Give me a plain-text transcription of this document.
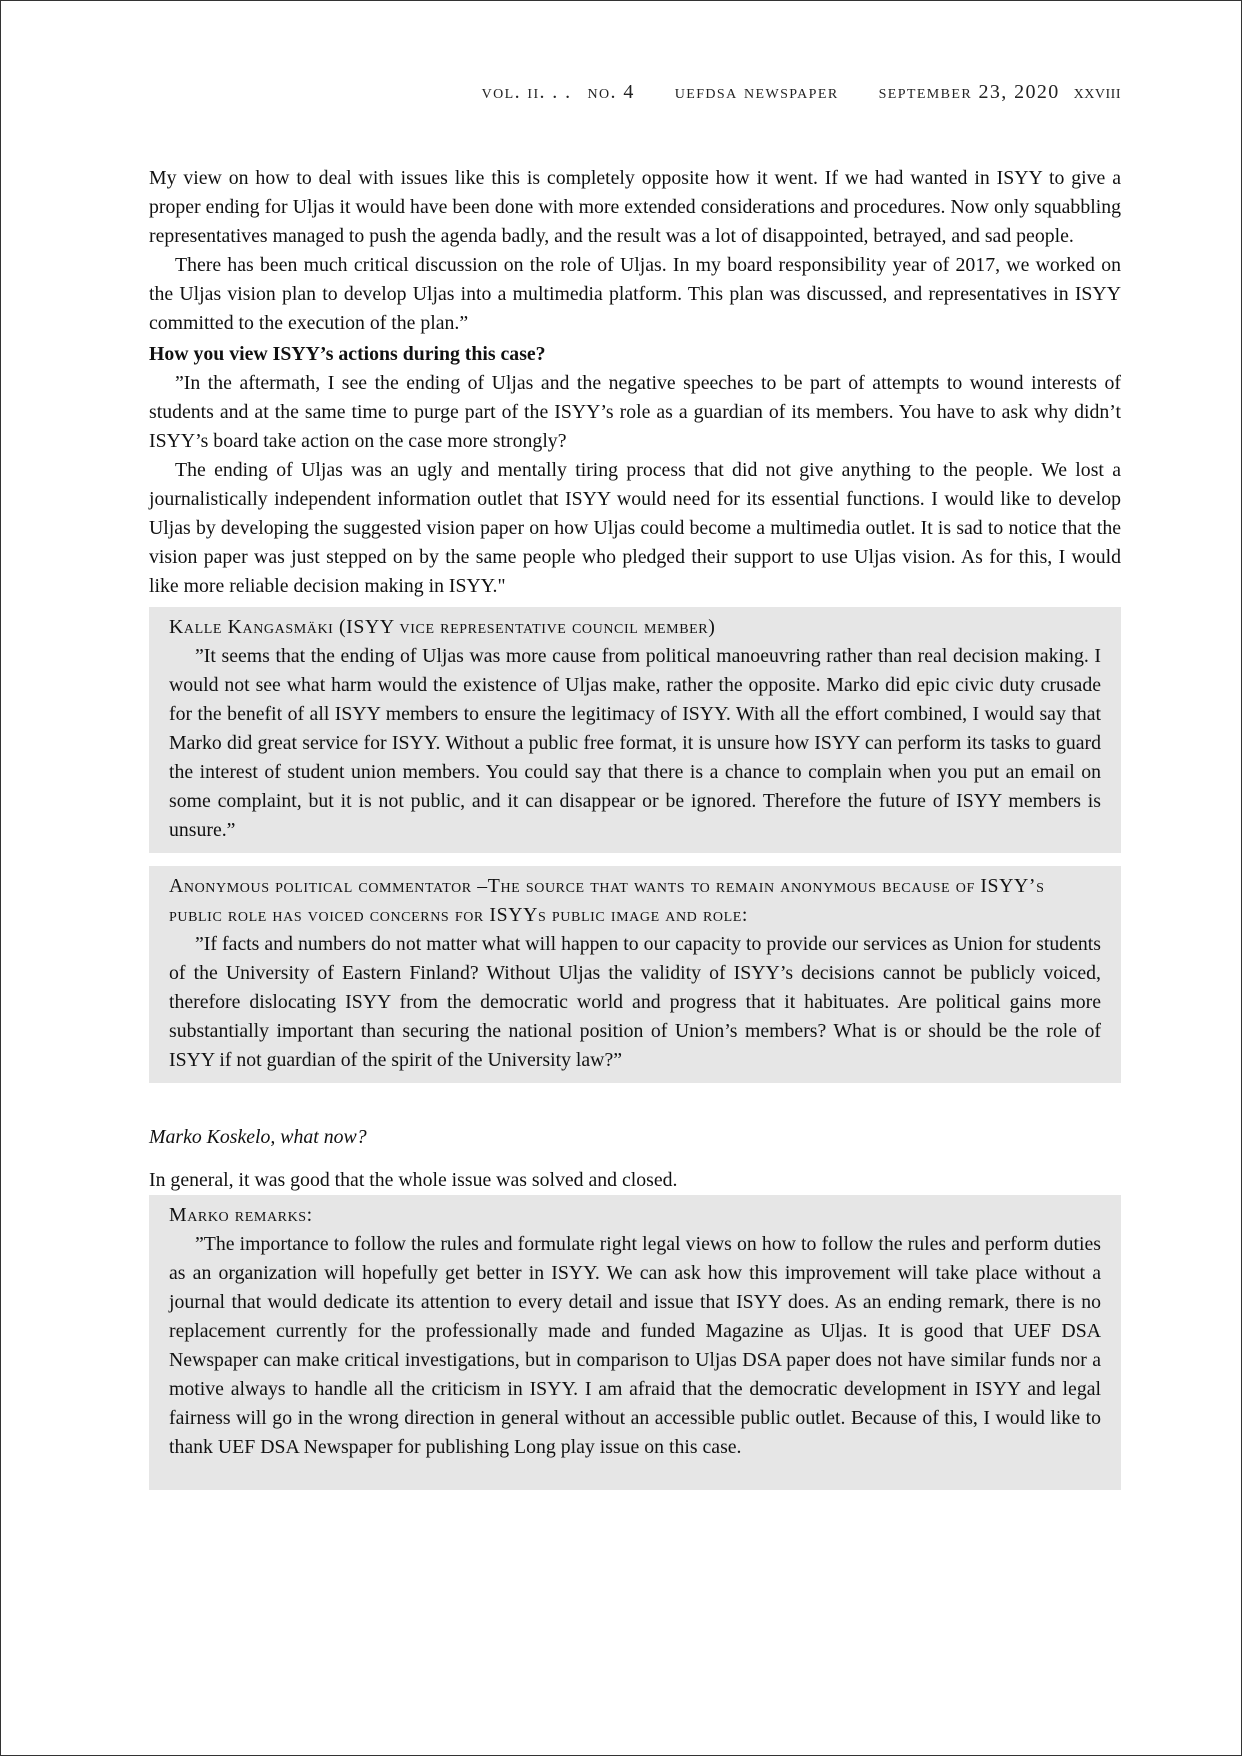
vol. ii. . . no. 4 uefdsa newspaper september 23, 2020 xxviii

My view on how to deal with issues like this is completely opposite how it went. If we had wanted in ISYY to give a proper ending for Uljas it would have been done with more extended considerations and procedures. Now only squabbling representatives managed to push the agenda badly, and the result was a lot of disappointed, betrayed, and sad people.

There has been much critical discussion on the role of Uljas. In my board responsibility year of 2017, we worked on the Uljas vision plan to develop Uljas into a multimedia platform. This plan was discussed, and representatives in ISYY committed to the execution of the plan.”

How you view ISYY’s actions during this case?

”In the aftermath, I see the ending of Uljas and the negative speeches to be part of attempts to wound interests of students and at the same time to purge part of the ISYY’s role as a guardian of its members. You have to ask why didn’t ISYY’s board take action on the case more strongly?

The ending of Uljas was an ugly and mentally tiring process that did not give anything to the people. We lost a journalistically independent information outlet that ISYY would need for its essential functions. I would like to develop Uljas by developing the suggested vision paper on how Uljas could become a multimedia outlet. It is sad to notice that the vision paper was just stepped on by the same people who pledged their support to use Uljas vision. As for this, I would like more reliable decision making in ISYY."

Kalle Kangasmäki (ISYY vice representative council member)

”It seems that the ending of Uljas was more cause from political manoeuvring rather than real decision making. I would not see what harm would the existence of Uljas make, rather the opposite. Marko did epic civic duty crusade for the benefit of all ISYY members to ensure the legitimacy of ISYY. With all the effort combined, I would say that Marko did great service for ISYY. Without a public free format, it is unsure how ISYY can perform its tasks to guard the interest of student union members. You could say that there is a chance to complain when you put an email on some complaint, but it is not public, and it can disappear or be ignored. Therefore the future of ISYY members is unsure.”

Anonymous political commentator –The source that wants to remain anonymous because of ISYY’s public role has voiced concerns for ISYYs public image and role:

”If facts and numbers do not matter what will happen to our capacity to provide our services as Union for students of the University of Eastern Finland? Without Uljas the validity of ISYY’s decisions cannot be publicly voiced, therefore dislocating ISYY from the democratic world and progress that it habituates. Are political gains more substantially important than securing the national position of Union’s members? What is or should be the role of ISYY if not guardian of the spirit of the University law?”

Marko Koskelo, what now?

In general, it was good that the whole issue was solved and closed.

Marko remarks:

”The importance to follow the rules and formulate right legal views on how to follow the rules and perform duties as an organization will hopefully get better in ISYY. We can ask how this improvement will take place without a journal that would dedicate its attention to every detail and issue that ISYY does. As an ending remark, there is no replacement currently for the professionally made and funded Magazine as Uljas. It is good that UEF DSA Newspaper can make critical investigations, but in comparison to Uljas DSA paper does not have similar funds nor a motive always to handle all the criticism in ISYY. I am afraid that the democratic development in ISYY and legal fairness will go in the wrong direction in general without an accessible public outlet. Because of this, I would like to thank UEF DSA Newspaper for publishing Long play issue on this case.
